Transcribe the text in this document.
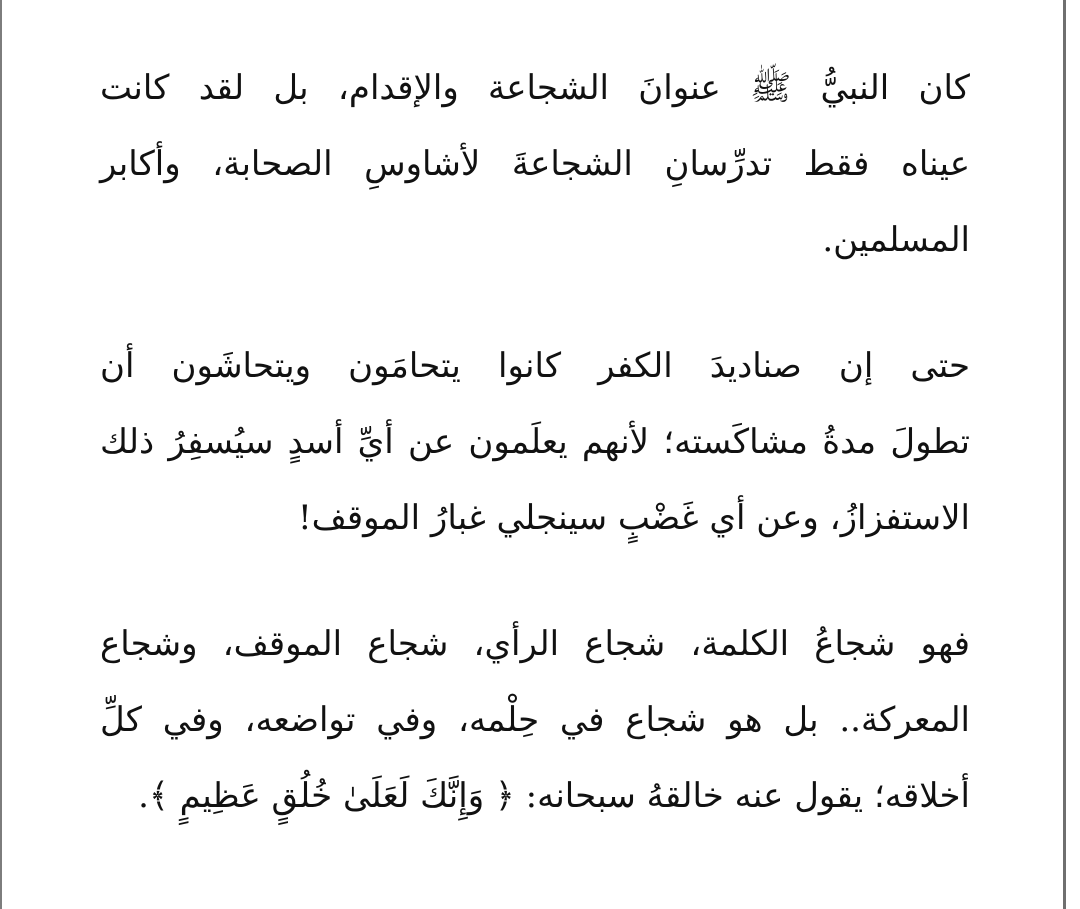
كان النبيُّ ﷺ عنوانَ الشجاعة والإقدام، بل لقد كانت
عيناه فقط تدرِّسانِ الشجاعةَ لأشاوسِ الصحابة، وأكابر
المسلمين.

حتى إن صناديدَ الكفر كانوا يتحامَون ويتحاشَون أن
تطولَ مدةُ مشاكَسته؛ لأنهم يعلَمون عن أيِّ أسدٍ سيُسفِرُ ذلك
الاستفزازُ، وعن أي غَضْبٍ سينجلي غبارُ الموقف!

فهو شجاعُ الكلمة، شجاع الرأي، شجاع الموقف، وشجاع
المعركة.. بل هو شجاع في حِلْمه، وفي تواضعه، وفي كلِّ
أخلاقه؛ يقول عنه خالقهُ سبحانه: ﴿ وَإِنَّكَ لَعَلَىٰ خُلُقٍ عَظِيمٍ ﴾.
